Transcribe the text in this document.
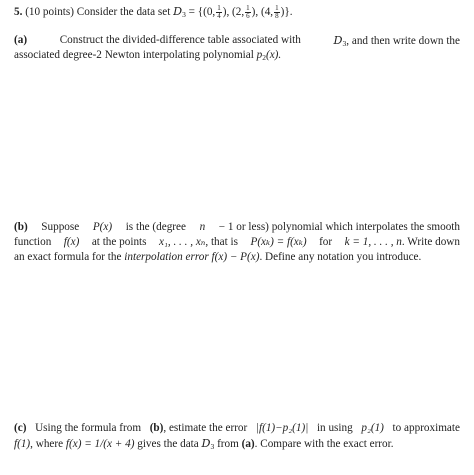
5. (10 points) Consider the data set $D_3 = \{(0$, $\frac{1}{4}$ ), (2, $\frac{1}{6}$ ), (4, $\frac{1}{8}$ )}.
(a)	Construct the divided-difference table associated with	$D_3$, and then write down the
associated degree-2 Newton interpolating polynomial $p_2(x)$.
(b) Suppose P(x) is the (degree n − 1 or less) polynomial which interpolates the smooth
function f(x) at the points x₁, . . . , xₙ, that is P(xₖ) = f(xₖ) for k = 1, . . . , n. Write down
an exact formula for the interpolation error f(x) − P(x). Define any notation you introduce.
(c) Using the formula from (b), estimate the error |f(1)−p₂(1)| in using p₂(1) to approximate
f(1), where f(x) = 1/(x + 4) gives the data $D_3$ from (a). Compare with the exact error.
